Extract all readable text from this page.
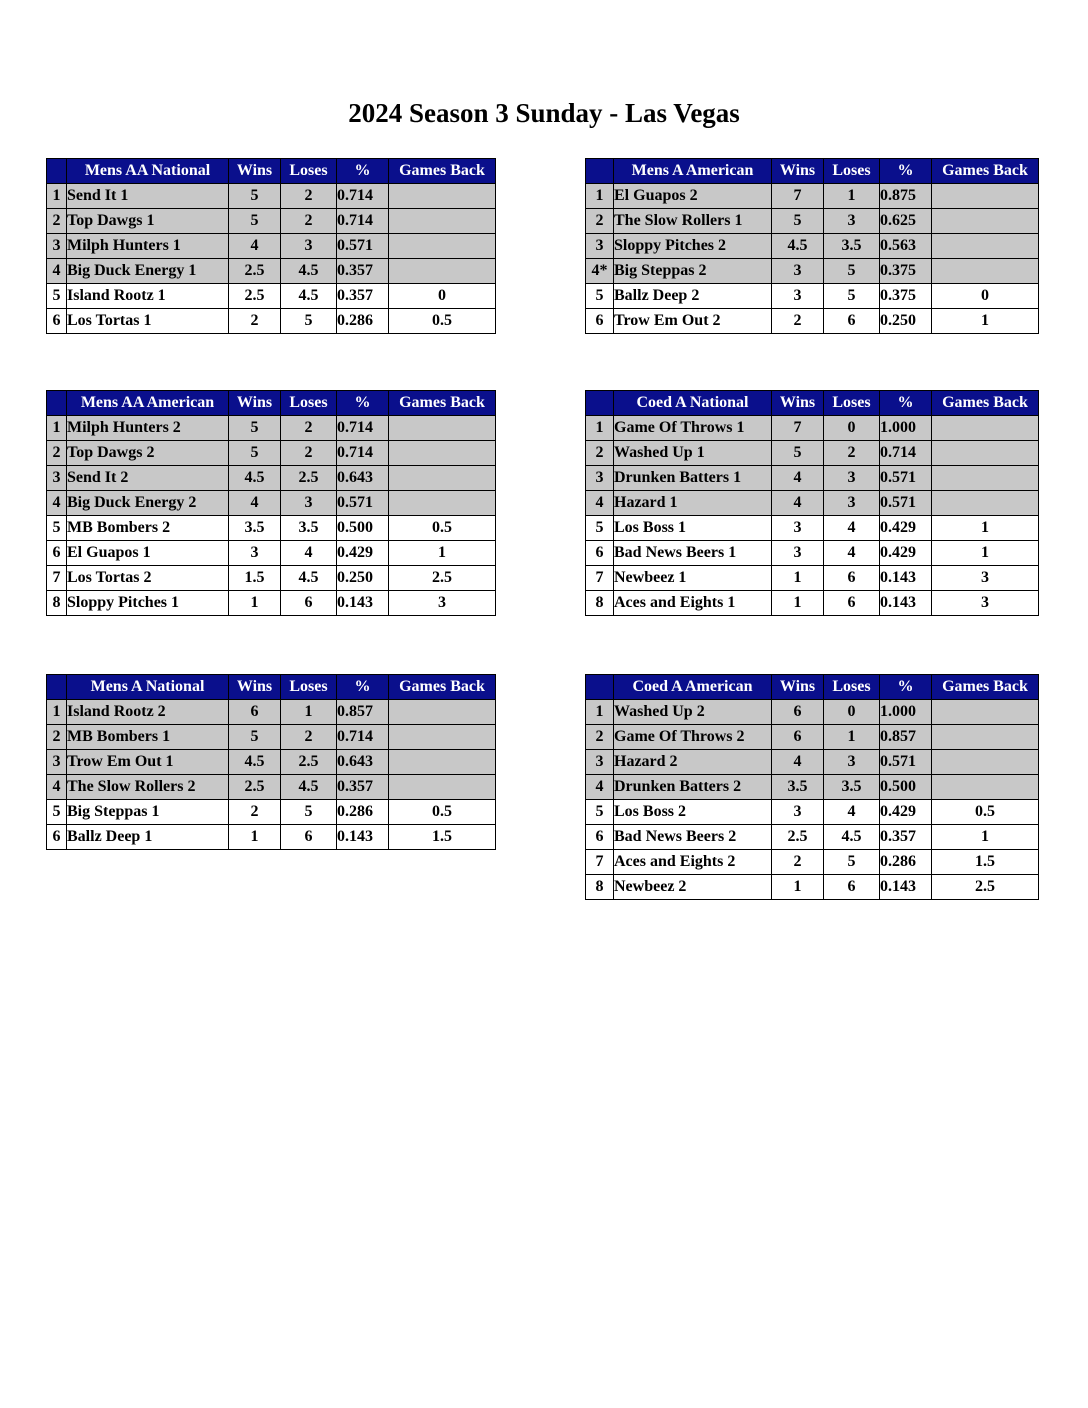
2024 Season 3 Sunday - Las Vegas
	Mens AA National	Wins	Loses	%	Games Back
1	Send It 1	5	2	0.714	
2	Top Dawgs 1	5	2	0.714	
3	Milph Hunters 1	4	3	0.571	
4	Big Duck Energy 1	2.5	4.5	0.357	
5	Island Rootz 1	2.5	4.5	0.357	0
6	Los Tortas 1	2	5	0.286	0.5
	Mens A American	Wins	Loses	%	Games Back
1	El Guapos 2	7	1	0.875	
2	The Slow Rollers 1	5	3	0.625	
3	Sloppy Pitches 2	4.5	3.5	0.563	
4*	Big Steppas 2	3	5	0.375	
5	Ballz Deep 2	3	5	0.375	0
6	Trow Em Out 2	2	6	0.250	1
	Mens AA American	Wins	Loses	%	Games Back
1	Milph Hunters 2	5	2	0.714	
2	Top Dawgs 2	5	2	0.714	
3	Send It 2	4.5	2.5	0.643	
4	Big Duck Energy 2	4	3	0.571	
5	MB Bombers 2	3.5	3.5	0.500	0.5
6	El Guapos 1	3	4	0.429	1
7	Los Tortas 2	1.5	4.5	0.250	2.5
8	Sloppy Pitches 1	1	6	0.143	3
	Coed A National	Wins	Loses	%	Games Back
1	Game Of Throws 1	7	0	1.000	
2	Washed Up 1	5	2	0.714	
3	Drunken Batters 1	4	3	0.571	
4	Hazard 1	4	3	0.571	
5	Los Boss 1	3	4	0.429	1
6	Bad News Beers 1	3	4	0.429	1
7	Newbeez 1	1	6	0.143	3
8	Aces and Eights 1	1	6	0.143	3
	Mens A National	Wins	Loses	%	Games Back
1	Island Rootz 2	6	1	0.857	
2	MB Bombers 1	5	2	0.714	
3	Trow Em Out 1	4.5	2.5	0.643	
4	The Slow Rollers 2	2.5	4.5	0.357	
5	Big Steppas 1	2	5	0.286	0.5
6	Ballz Deep 1	1	6	0.143	1.5
	Coed A American	Wins	Loses	%	Games Back
1	Washed Up 2	6	0	1.000	
2	Game Of Throws 2	6	1	0.857	
3	Hazard 2	4	3	0.571	
4	Drunken Batters 2	3.5	3.5	0.500	
5	Los Boss 2	3	4	0.429	0.5
6	Bad News Beers 2	2.5	4.5	0.357	1
7	Aces and Eights 2	2	5	0.286	1.5
8	Newbeez 2	1	6	0.143	2.5
